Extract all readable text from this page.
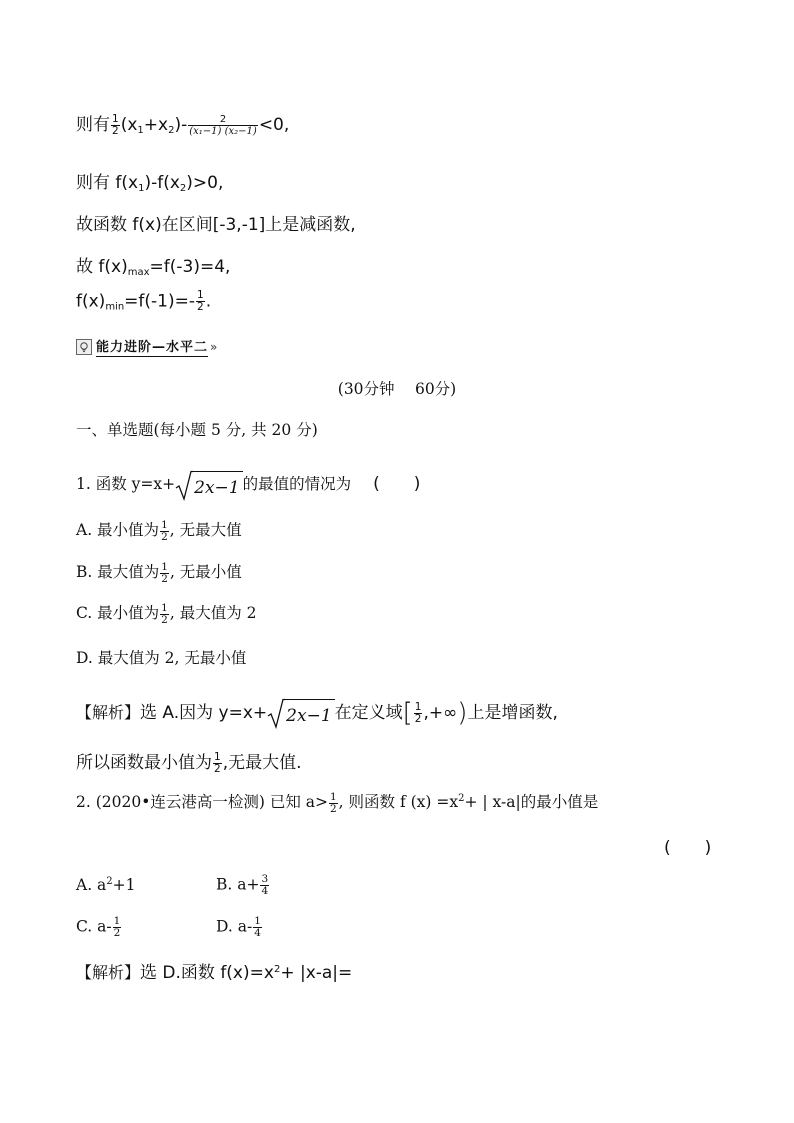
则有 $\frac{1}{2} (x_1+x_2)- \frac{2}{\text{(x₁−1) (x₂−1)}} <0$,
则有 $f(x_1)-f(x_2)>0$,
故函数 f(x)在区间[-3,-1]上是减函数,
故 $f(x)_{max}=f(-3)=4$,
$f(x)_{min}=f(-1)=- \frac{1}{2}$ .
能力进阶—水平二 »
(30分钟　 60分)
一、单选题(每小题 5 分, 共 20 分)
1. 函数 y=x+ 2x−1 的最值的情况为 (　　)
A. 最小值为 $\frac{1}{2}$ , 无最大值
B. 最大值为 $\frac{1}{2}$ , 无最小值
C. 最小值为 $\frac{1}{2}$ , 最大值为 2
D. 最大值为 2, 无最小值
【解析】选 A.因为 y=x+ 2x−1 在定义域[ $\frac{1}{2}$ ,+∞)上是增函数,
所以函数最小值为 $\frac{1}{2}$ ,无最大值.
2. (2020•连云港高一检测) 已知 $a> \frac{1}{2}$ , 则函数 f $(x) =x^2+$ | x-a|的最小值是
(　　)
A. $a^2+1$	B. $a+ \frac{3}{4}$
C. $a- \frac{1}{2}$	D. $a- \frac{1}{4}$
【解析】选 D.函数 $f(x)=x^2+ |x-a|=$
